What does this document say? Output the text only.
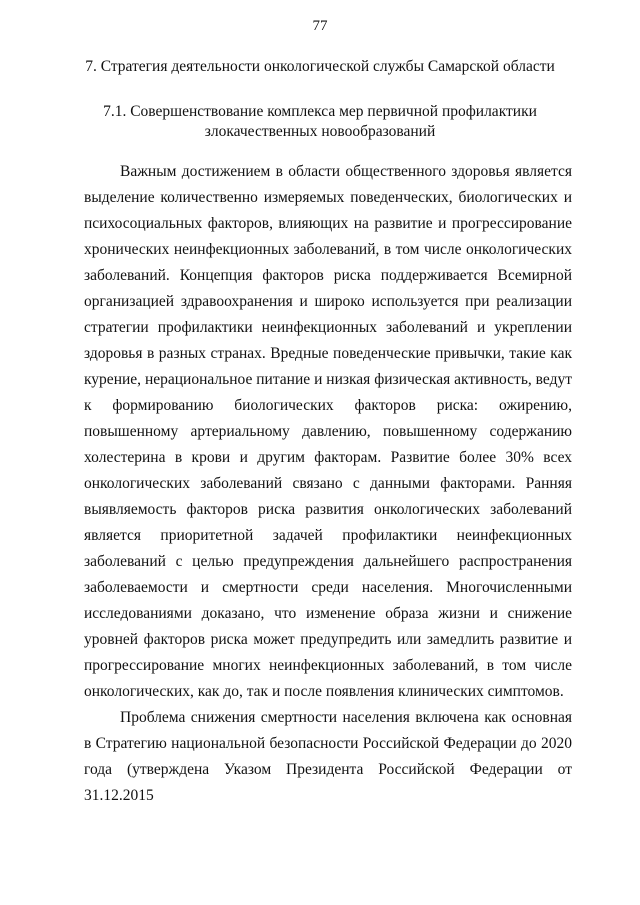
77
7. Стратегия деятельности онкологической службы Самарской области
7.1. Совершенствование комплекса мер первичной профилактики
злокачественных новообразований

Важным достижением в области общественного здоровья является выделение количественно измеряемых поведенческих, биологических и психосоциальных факторов, влияющих на развитие и прогрессирование хронических неинфекционных заболеваний, в том числе онкологических заболеваний. Концепция факторов риска поддерживается Всемирной организацией здравоохранения и широко используется при реализации стратегии профилактики неинфекционных заболеваний и укреплении здоровья в разных странах. Вредные поведенческие привычки, такие как курение, нерациональное питание и низкая физическая активность, ведут к формированию биологических факторов риска: ожирению, повышенному артериальному давлению, повышенному содержанию холестерина в крови и другим факторам. Развитие более 30% всех онкологических заболеваний связано с данными факторами. Ранняя выявляемость факторов риска развития онкологических заболеваний является приоритетной задачей профилактики неинфекционных заболеваний с целью предупреждения дальнейшего распространения заболеваемости и смертности среди населения. Многочисленными исследованиями доказано, что изменение образа жизни и снижение уровней факторов риска может предупредить или замедлить развитие и прогрессирование многих неинфекционных заболеваний, в том числе онкологических, как до, так и после появления клинических симптомов.

Проблема снижения смертности населения включена как основная в Стратегию национальной безопасности Российской Федерации до 2020 года (утверждена Указом Президента Российской Федерации от 31.12.2015
